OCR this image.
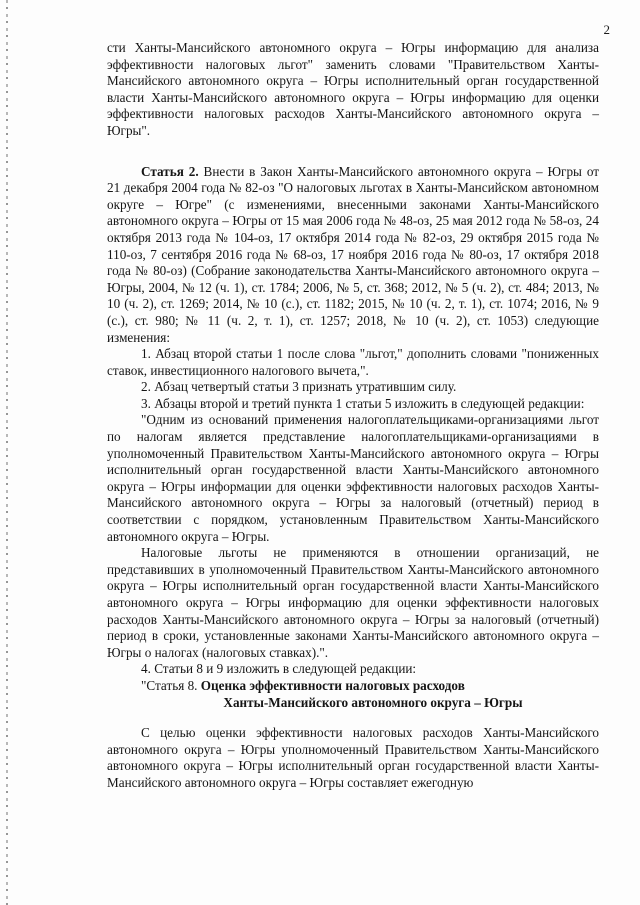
2

сти Ханты-Мансийского автономного округа – Югры информацию для анализа эффективности налоговых льгот" заменить словами "Правительством Ханты-Мансийского автономного округа – Югры исполнительный орган государственной власти Ханты-Мансийского автономного округа – Югры информацию для оценки эффективности налоговых расходов Ханты-Мансийского автономного округа – Югры".

Статья 2. Внести в Закон Ханты-Мансийского автономного округа – Югры от 21 декабря 2004 года № 82-оз "О налоговых льготах в Ханты-Мансийском автономном округе – Югре" (с изменениями, внесенными законами Ханты-Мансийского автономного округа – Югры от 15 мая 2006 года № 48-оз, 25 мая 2012 года № 58-оз, 24 октября 2013 года № 104-оз, 17 октября 2014 года № 82-оз, 29 октября 2015 года № 110-оз, 7 сентября 2016 года № 68-оз, 17 ноября 2016 года № 80-оз, 17 октября 2018 года № 80-оз) (Собрание законодательства Ханты-Мансийского автономного округа – Югры, 2004, № 12 (ч. 1), ст. 1784; 2006, № 5, ст. 368; 2012, № 5 (ч. 2), ст. 484; 2013, № 10 (ч. 2), ст. 1269; 2014, № 10 (с.), ст. 1182; 2015, № 10 (ч. 2, т. 1), ст. 1074; 2016, № 9 (с.), ст. 980; № 11 (ч. 2, т. 1), ст. 1257; 2018, № 10 (ч. 2), ст. 1053) следующие изменения:

1. Абзац второй статьи 1 после слова "льгот," дополнить словами "пониженных ставок, инвестиционного налогового вычета,".

2. Абзац четвертый статьи 3 признать утратившим силу.

3. Абзацы второй и третий пункта 1 статьи 5 изложить в следующей редакции:

"Одним из оснований применения налогоплательщиками-организациями льгот по налогам является представление налогоплательщиками-организациями в уполномоченный Правительством Ханты-Мансийского автономного округа – Югры исполнительный орган государственной власти Ханты-Мансийского автономного округа – Югры информации для оценки эффективности налоговых расходов Ханты-Мансийского автономного округа – Югры за налоговый (отчетный) период в соответствии с порядком, установленным Правительством Ханты-Мансийского автономного округа – Югры.

Налоговые льготы не применяются в отношении организаций, не представивших в уполномоченный Правительством Ханты-Мансийского автономного округа – Югры исполнительный орган государственной власти Ханты-Мансийского автономного округа – Югры информацию для оценки эффективности налоговых расходов Ханты-Мансийского автономного округа – Югры за налоговый (отчетный) период в сроки, установленные законами Ханты-Мансийского автономного округа – Югры о налогах (налоговых ставках).".

4. Статьи 8 и 9 изложить в следующей редакции:

"Статья 8. Оценка эффективности налоговых расходов

Ханты-Мансийского автономного округа – Югры

С целью оценки эффективности налоговых расходов Ханты-Мансийского автономного округа – Югры уполномоченный Правительством Ханты-Мансийского автономного округа – Югры исполнительный орган государственной власти Ханты-Мансийского автономного округа – Югры составляет ежегодную
